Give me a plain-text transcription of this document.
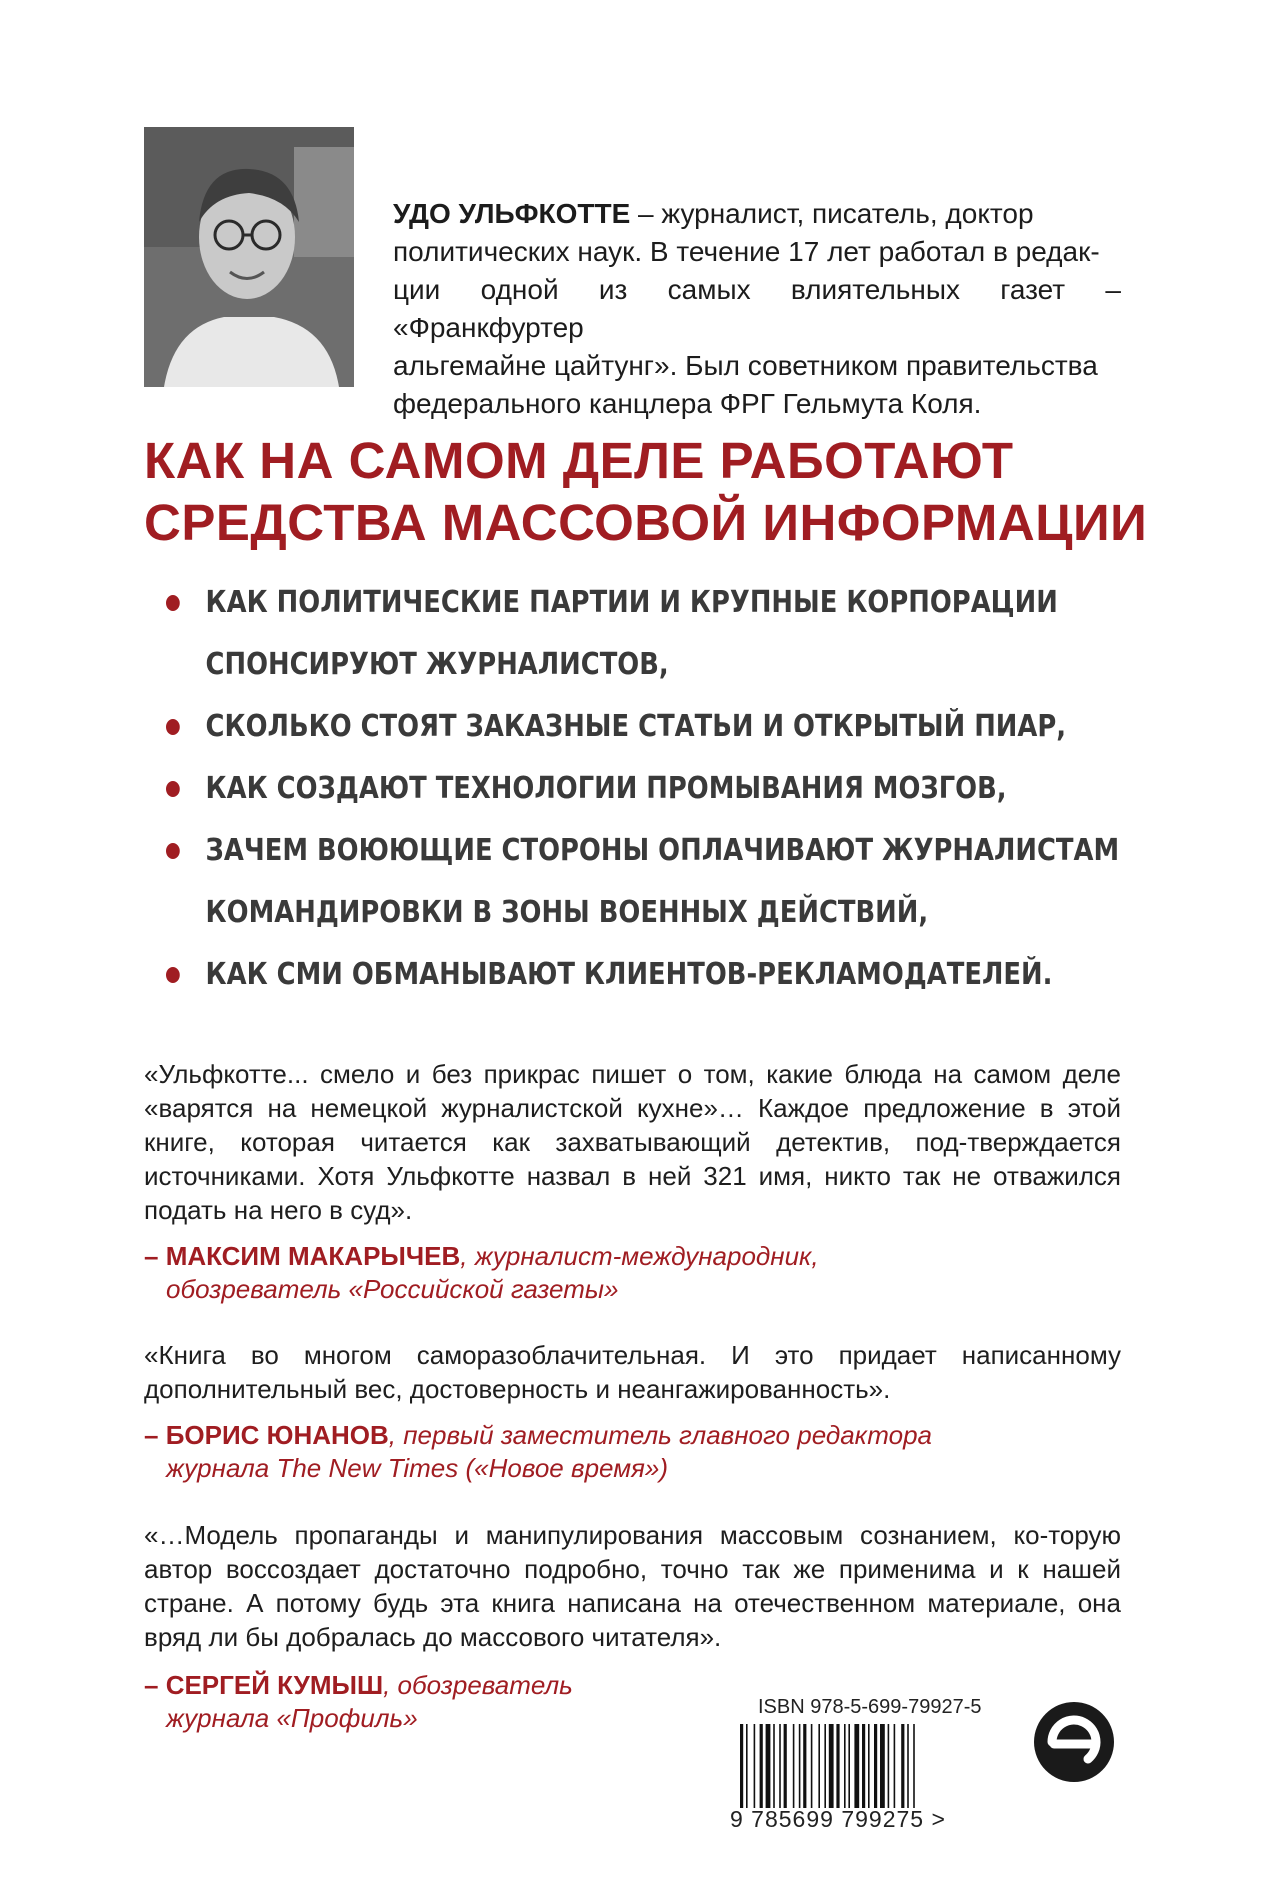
УДО УЛЬФКОТТЕ – журналист, писатель, доктор
политических наук. В течение 17 лет работал в редак-
ции одной из самых влиятельных газет – «Франкфуртер
альгемайне цайтунг». Был советником правительства
федерального канцлера ФРГ Гельмута Коля.
КАК НА САМОМ ДЕЛЕ РАБОТАЮТ
СРЕДСТВА МАССОВОЙ ИНФОРМАЦИИ
КАК ПОЛИТИЧЕСКИЕ ПАРТИИ И КРУПНЫЕ КОРПОРАЦИИ
СПОНСИРУЮТ ЖУРНАЛИСТОВ,
СКОЛЬКО СТОЯТ ЗАКАЗНЫЕ СТАТЬИ И ОТКРЫТЫЙ ПИАР,
КАК СОЗДАЮТ ТЕХНОЛОГИИ ПРОМЫВАНИЯ МОЗГОВ,
ЗАЧЕМ ВОЮЮЩИЕ СТОРОНЫ ОПЛАЧИВАЮТ ЖУРНАЛИСТАМ
КОМАНДИРОВКИ В ЗОНЫ ВОЕННЫХ ДЕЙСТВИЙ,
КАК СМИ ОБМАНЫВАЮТ КЛИЕНТОВ-РЕКЛАМОДАТЕЛЕЙ.
«Ульфкотте... смело и без прикрас пишет о том, какие блюда на самом деле «варятся на немецкой журналистской кухне»… Каждое предложение в этой книге, которая читается как захватывающий детектив, под-тверждается источниками. Хотя Ульфкотте назвал в ней 321 имя, никто так не отважился подать на него в суд».
– МАКСИМ МАКАРЫЧЕВ, журналист-международник,
обозреватель «Российской газеты»
«Книга во многом саморазоблачительная. И это придает написанному дополнительный вес, достоверность и неангажированность».
– БОРИС ЮНАНОВ, первый заместитель главного редактора
журнала The New Times («Новое время»)
«…Модель пропаганды и манипулирования массовым сознанием, ко-торую автор воссоздает достаточно подробно, точно так же применима и к нашей стране. А потому будь эта книга написана на отечественном материале, она вряд ли бы добралась до массового читателя».
– СЕРГЕЙ КУМЫШ, обозреватель
журнала «Профиль»	ISBN 978-5-699-79927-5
9 785699 799275 >
